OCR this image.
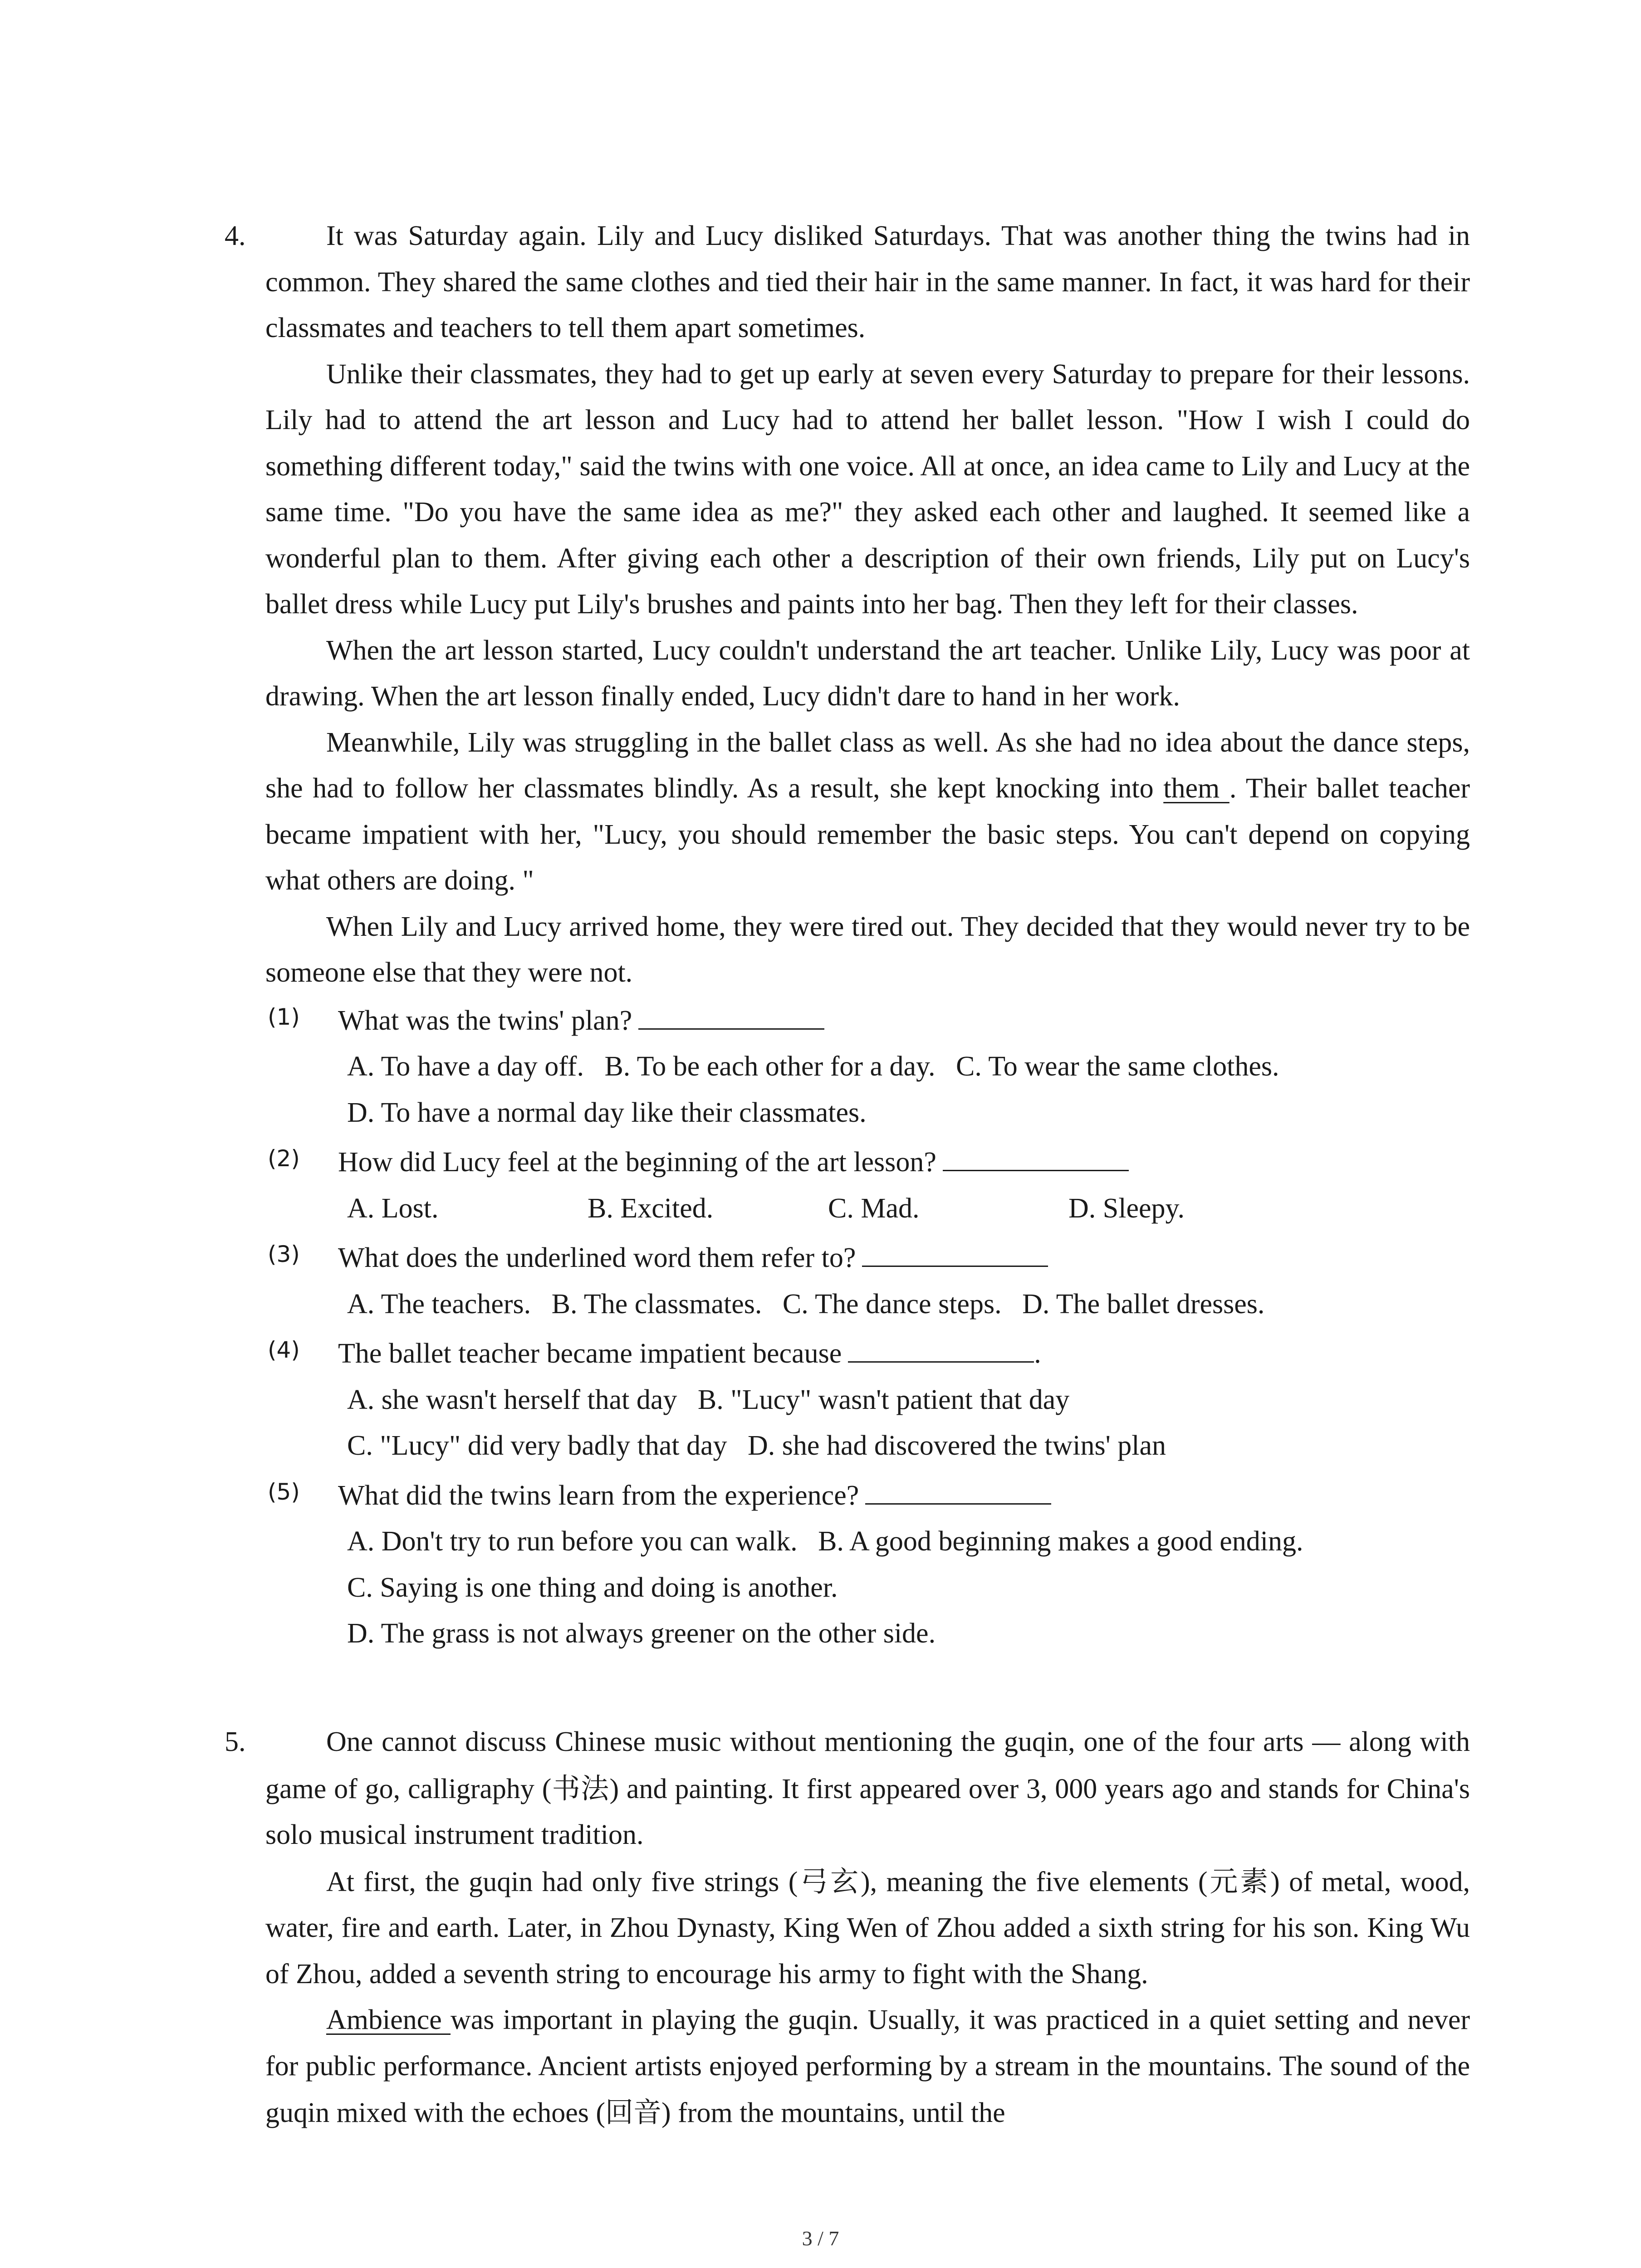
4.	It was Saturday again. Lily and Lucy disliked Saturdays. That was another thing the twins had in common. They shared the same clothes and tied their hair in the same manner. In fact, it was hard for their classmates and teachers to tell them apart sometimes.

Unlike their classmates, they had to get up early at seven every Saturday to prepare for their lessons. Lily had to attend the art lesson and Lucy had to attend her ballet lesson. "How I wish I could do something different today," said the twins with one voice. All at once, an idea came to Lily and Lucy at the same time. "Do you have the same idea as me?" they asked each other and laughed. It seemed like a wonderful plan to them. After giving each other a description of their own friends, Lily put on Lucy's ballet dress while Lucy put Lily's brushes and paints into her bag. Then they left for their classes.

When the art lesson started, Lucy couldn't understand the art teacher. Unlike Lily, Lucy was poor at drawing. When the art lesson finally ended, Lucy didn't dare to hand in her work.

Meanwhile, Lily was struggling in the ballet class as well. As she had no idea about the dance steps, she had to follow her classmates blindly. As a result, she kept knocking into them . Their ballet teacher became impatient with her, "Lucy, you should remember the basic steps. You can't depend on copying what others are doing. "

When Lily and Lucy arrived home, they were tired out. They decided that they would never try to be someone else that they were not.

(1) What was the twins' plan?
A. To have a day off. B. To be each other for a day. C. To wear the same clothes.
D. To have a normal day like their classmates.
(2) How did Lucy feel at the beginning of the art lesson?
A. Lost.	B. Excited.	C. Mad.	D. Sleepy.
(3) What does the underlined word them refer to?
A. The teachers. B. The classmates. C. The dance steps. D. The ballet dresses.
(4) The ballet teacher became impatient because	.
A. she wasn't herself that day B. "Lucy" wasn't patient that day
C. "Lucy" did very badly that day D. she had discovered the twins' plan
(5) What did the twins learn from the experience?
A. Don't try to run before you can walk. B. A good beginning makes a good ending.
C. Saying is one thing and doing is another.
D. The grass is not always greener on the other side.
5.	One cannot discuss Chinese music without mentioning the guqin, one of the four arts — along with game of go, calligraphy (书法) and painting. It first appeared over 3, 000 years ago and stands for China's solo musical instrument tradition.

At first, the guqin had only five strings (弓玄), meaning the five elements (元素) of metal, wood, water, fire and earth. Later, in Zhou Dynasty, King Wen of Zhou added a sixth string for his son. King Wu of Zhou, added a seventh string to encourage his army to fight with the Shang.

Ambience was important in playing the guqin. Usually, it was practiced in a quiet setting and never for public performance. Ancient artists enjoyed performing by a stream in the mountains. The sound of the guqin mixed with the echoes (回音) from the mountains, until the

3 / 7
